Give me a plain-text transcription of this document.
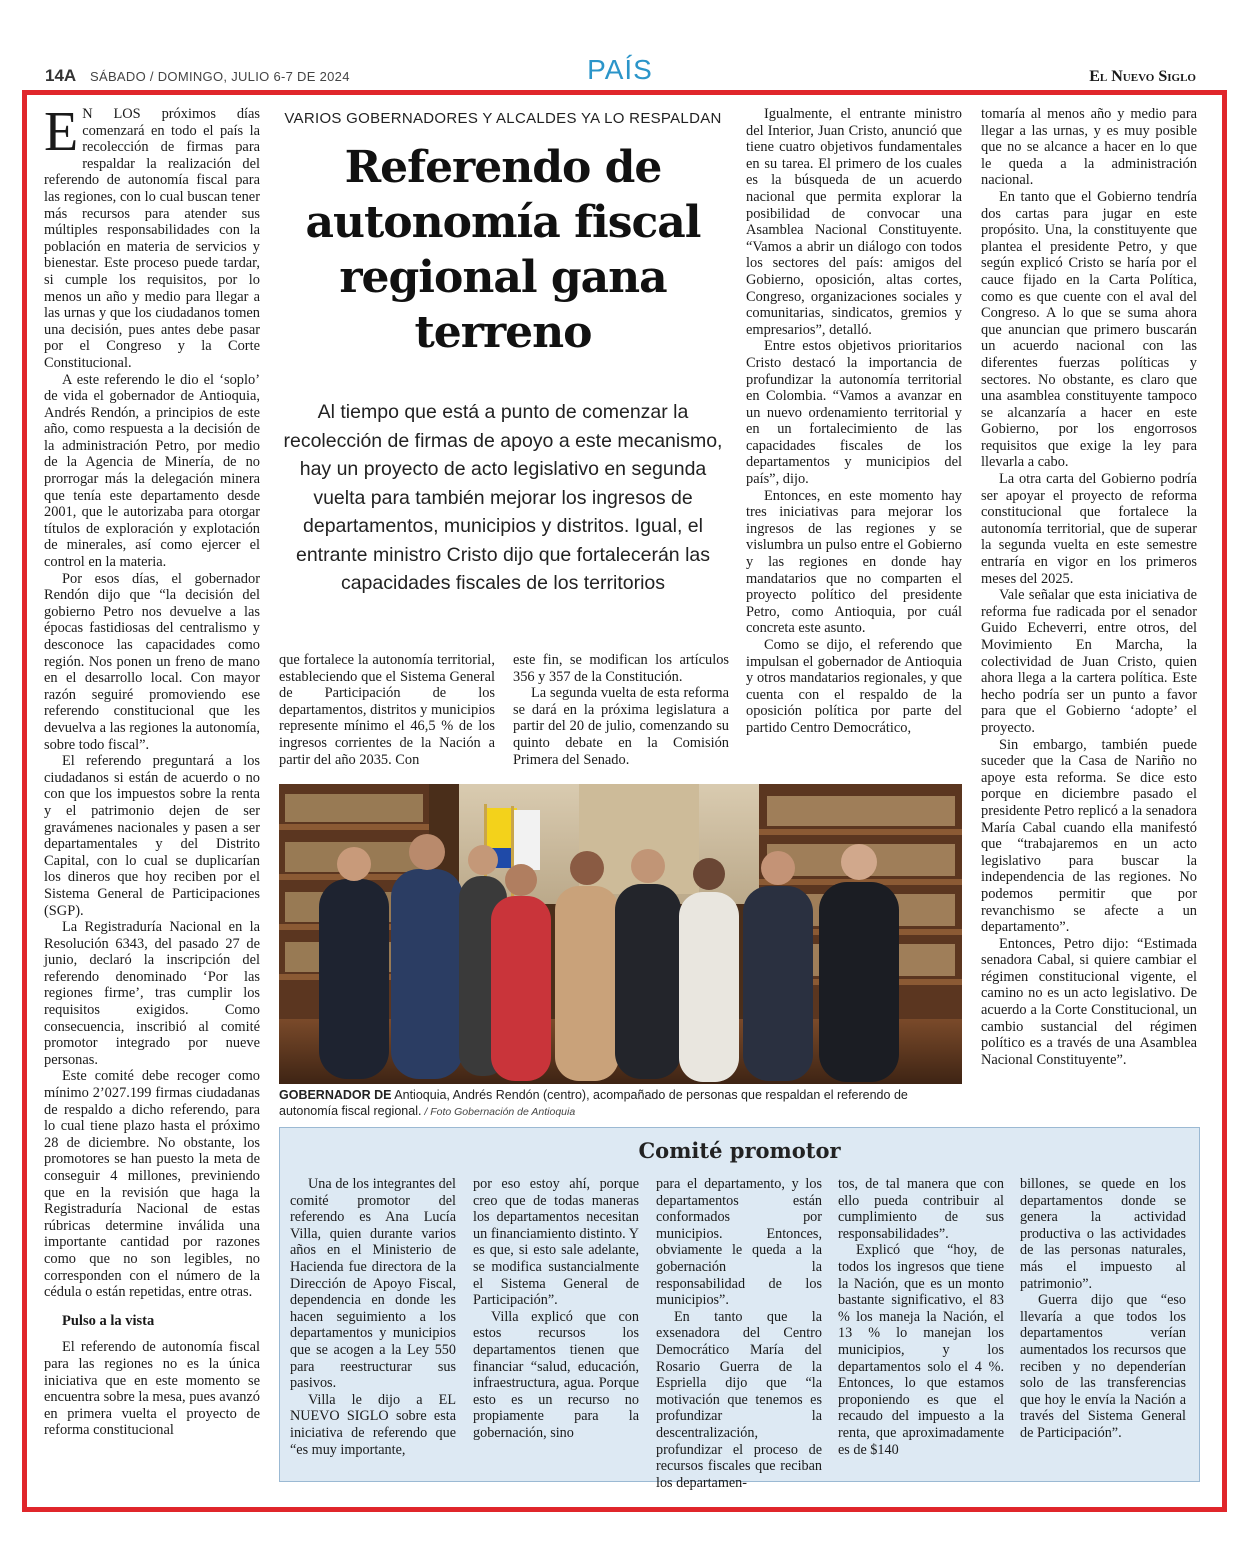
14A SÁBADO / DOMINGO, JULIO 6-7 DE 2024	PAÍS	El Nuevo Siglo

E N LOS próximos días comenzará en todo el país la recolección de firmas para respaldar la realización del referendo de autonomía fiscal para las regiones, con lo cual buscan tener más recursos para atender sus múltiples responsabilidades con la población en materia de servicios y bienestar. Este proceso puede tardar, si cumple los requisitos, por lo menos un año y medio para llegar a las urnas y que los ciudadanos tomen una decisión, pues antes debe pasar por el Congreso y la Corte Constitucional.

A este referendo le dio el ‘soplo’ de vida el gobernador de Antioquia, Andrés Rendón, a principios de este año, como respuesta a la decisión de la administración Petro, por medio de la Agencia de Minería, de no prorrogar más la delegación minera que tenía este departamento desde 2001, que le autorizaba para otorgar títulos de exploración y explotación de minerales, así como ejercer el control en la materia.

Por esos días, el gobernador Rendón dijo que “la decisión del gobierno Petro nos devuelve a las épocas fastidiosas del centralismo y desconoce las capacidades como región. Nos ponen un freno de mano en el desarrollo local. Con mayor razón seguiré promoviendo ese referendo constitucional que les devuelva a las regiones la autonomía, sobre todo fiscal”.

El referendo preguntará a los ciudadanos si están de acuerdo o no con que los impuestos sobre la renta y el patrimonio dejen de ser gravámenes nacionales y pasen a ser departamentales y del Distrito Capital, con lo cual se duplicarían los dineros que hoy reciben por el Sistema General de Participaciones (SGP).

La Registraduría Nacional en la Resolución 6343, del pasado 27 de junio, declaró la inscripción del referendo denominado ‘Por las regiones firme’, tras cumplir los requisitos exigidos. Como consecuencia, inscribió al comité promotor integrado por nueve personas.

Este comité debe recoger como mínimo 2’027.199 firmas ciudadanas de respaldo a dicho referendo, para lo cual tiene plazo hasta el próximo 28 de diciembre. No obstante, los promotores se han puesto la meta de conseguir 4 millones, previniendo que en la revisión que haga la Registraduría Nacional de estas rúbricas determine inválida una importante cantidad por razones como que no son legibles, no corresponden con el número de la cédula o están repetidas, entre otras.

Pulso a la vista

El referendo de autonomía fiscal para las regiones no es la única iniciativa que en este momento se encuentra sobre la mesa, pues avanzó en primera vuelta el proyecto de reforma constitucional

VARIOS GOBERNADORES Y ALCALDES YA LO RESPALDAN
Referendo de autonomía fiscal regional gana terreno
Al tiempo que está a punto de comenzar la recolección de firmas de apoyo a este mecanismo, hay un proyecto de acto legislativo en segunda vuelta para también mejorar los ingresos de departamentos, municipios y distritos. Igual, el entrante ministro Cristo dijo que fortalecerán las capacidades fiscales de los territorios

que fortalece la autonomía territorial, estableciendo que el Sistema General de Participación de los departamentos, distritos y municipios represente mínimo el 46,5 % de los ingresos corrientes de la Nación a partir del año 2035. Con

este fin, se modifican los artículos 356 y 357 de la Constitución.

La segunda vuelta de esta reforma se dará en la próxima legislatura a partir del 20 de julio, comenzando su quinto debate en la Comisión Primera del Senado.

Igualmente, el entrante ministro del Interior, Juan Cristo, anunció que tiene cuatro objetivos fundamentales en su tarea. El primero de los cuales es la búsqueda de un acuerdo nacional que permita explorar la posibilidad de convocar una Asamblea Nacional Constituyente. “Vamos a abrir un diálogo con todos los sectores del país: amigos del Gobierno, oposición, altas cortes, Congreso, organizaciones sociales y comunitarias, sindicatos, gremios y empresarios”, detalló.

Entre estos objetivos prioritarios Cristo destacó la importancia de profundizar la autonomía territorial en Colombia. “Vamos a avanzar en un nuevo ordenamiento territorial y en un fortalecimiento de las capacidades fiscales de los departamentos y municipios del país”, dijo.

Entonces, en este momento hay tres iniciativas para mejorar los ingresos de las regiones y se vislumbra un pulso entre el Gobierno y las regiones en donde hay mandatarios que no comparten el proyecto político del presidente Petro, como Antioquia, por cuál concreta este asunto.

Como se dijo, el referendo que impulsan el gobernador de Antioquia y otros mandatarios regionales, y que cuenta con el respaldo de la oposición política por parte del partido Centro Democrático,

tomaría al menos año y medio para llegar a las urnas, y es muy posible que no se alcance a hacer en lo que le queda a la administración nacional.

En tanto que el Gobierno tendría dos cartas para jugar en este propósito. Una, la constituyente que plantea el presidente Petro, y que según explicó Cristo se haría por el cauce fijado en la Carta Política, como es que cuente con el aval del Congreso. A lo que se suma ahora que anuncian que primero buscarán un acuerdo nacional con las diferentes fuerzas políticas y sectores. No obstante, es claro que una asamblea constituyente tampoco se alcanzaría a hacer en este Gobierno, por los engorrosos requisitos que exige la ley para llevarla a cabo.

La otra carta del Gobierno podría ser apoyar el proyecto de reforma constitucional que fortalece la autonomía territorial, que de superar la segunda vuelta en este semestre entraría en vigor en los primeros meses del 2025.

Vale señalar que esta iniciativa de reforma fue radicada por el senador Guido Echeverri, entre otros, del Movimiento En Marcha, la colectividad de Juan Cristo, quien ahora llega a la cartera política. Este hecho podría ser un punto a favor para que el Gobierno ‘adopte’ el proyecto.

Sin embargo, también puede suceder que la Casa de Nariño no apoye esta reforma. Se dice esto porque en diciembre pasado el presidente Petro replicó a la senadora María Cabal cuando ella manifestó que “trabajaremos en un acto legislativo para buscar la independencia de las regiones. No podemos permitir que por revanchismo se afecte a un departamento”.

Entonces, Petro dijo: “Estimada senadora Cabal, si quiere cambiar el régimen constitucional vigente, el camino no es un acto legislativo. De acuerdo a la Corte Constitucional, un cambio sustancial del régimen político es a través de una Asamblea Nacional Constituyente”.

GOBERNADOR DE Antioquia, Andrés Rendón (centro), acompañado de personas que respaldan el referendo de autonomía fiscal regional. / Foto Gobernación de Antioquia
Comité promotor

Una de los integrantes del comité promotor del referendo es Ana Lucía Villa, quien durante varios años en el Ministerio de Hacienda fue directora de la Dirección de Apoyo Fiscal, dependencia en donde les hacen seguimiento a los departamentos y municipios que se acogen a la Ley 550 para reestructurar sus pasivos.

Villa le dijo a EL NUEVO SIGLO sobre esta iniciativa de referendo que “es muy importante,

por eso estoy ahí, porque creo que de todas maneras los departamentos necesitan un financiamiento distinto. Y es que, si esto sale adelante, se modifica sustancialmente el Sistema General de Participación”.

Villa explicó que con estos recursos los departamentos tienen que financiar “salud, educación, infraestructura, agua. Porque esto es un recurso no propiamente para la gobernación, sino

para el departamento, y los departamentos están conformados por municipios. Entonces, obviamente le queda a la gobernación la responsabilidad de los municipios”.

En tanto que la exsenadora del Centro Democrático María del Rosario Guerra de la Espriella dijo que “la motivación que tenemos es profundizar la descentralización, profundizar el proceso de recursos fiscales que reciban los departamen-

tos, de tal manera que con ello pueda contribuir al cumplimiento de sus responsabilidades”.

Explicó que “hoy, de todos los ingresos que tiene la Nación, que es un monto bastante significativo, el 83 % los maneja la Nación, el 13 % lo manejan los municipios, y los departamentos solo el 4 %. Entonces, lo que estamos proponiendo es que el recaudo del impuesto a la renta, que aproximadamente es de $140

billones, se quede en los departamentos donde se genera la actividad productiva o las actividades de las personas naturales, más el impuesto al patrimonio”.

Guerra dijo que “eso llevaría a que todos los departamentos verían aumentados los recursos que reciben y no dependerían solo de las transferencias que hoy le envía la Nación a través del Sistema General de Participación”.
